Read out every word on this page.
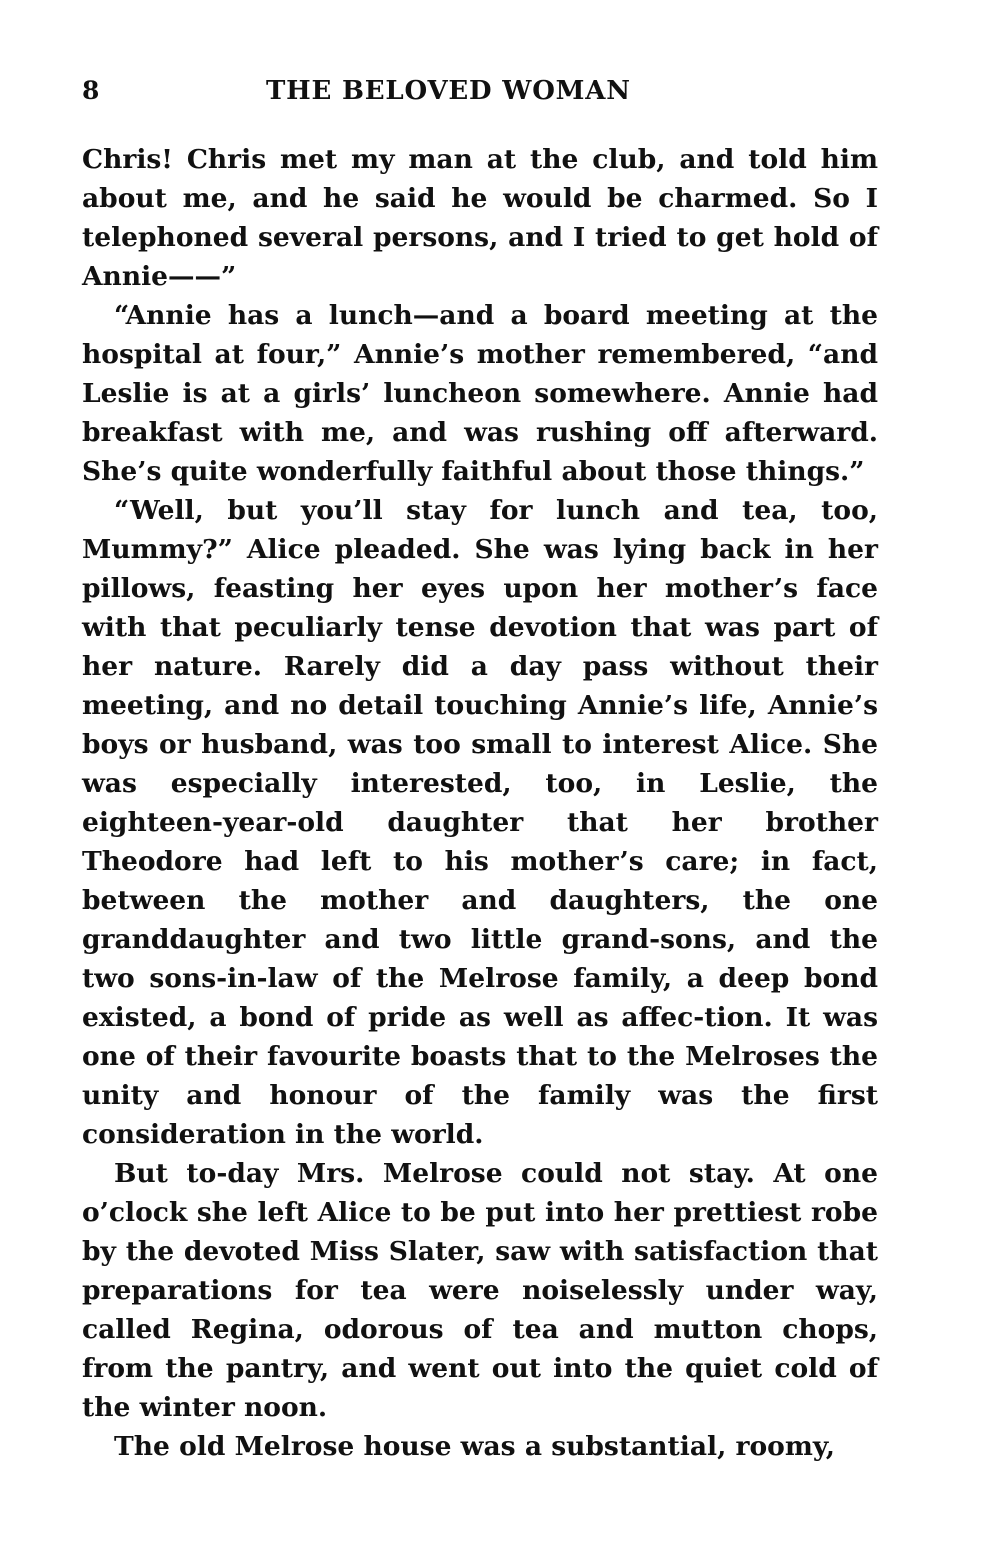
8	THE BELOVED WOMAN

Chris! Chris met my man at the club, and told him about me, and he said he would be charmed. So I telephoned several persons, and I tried to get hold of Annie——”

“Annie has a lunch—and a board meeting at the hospital at four,” Annie’s mother remembered, “and Leslie is at a girls’ luncheon somewhere. Annie had breakfast with me, and was rushing off afterward. She’s quite wonderfully faithful about those things.”

“Well, but you’ll stay for lunch and tea, too, Mummy?” Alice pleaded. She was lying back in her pillows, feasting her eyes upon her mother’s face with that peculiarly tense devotion that was part of her nature. Rarely did a day pass without their meeting, and no detail touching Annie’s life, Annie’s boys or husband, was too small to interest Alice. She was especially interested, too, in Leslie, the eighteen-year-old daughter that her brother Theodore had left to his mother’s care; in fact, between the mother and daughters, the one granddaughter and two little grand-sons, and the two sons-in-law of the Melrose family, a deep bond existed, a bond of pride as well as affec-tion. It was one of their favourite boasts that to the Melroses the unity and honour of the family was the first consideration in the world.

But to-day Mrs. Melrose could not stay. At one o’clock she left Alice to be put into her prettiest robe by the devoted Miss Slater, saw with satisfaction that preparations for tea were noiselessly under way, called Regina, odorous of tea and mutton chops, from the pantry, and went out into the quiet cold of the winter noon.

The old Melrose house was a substantial, roomy,
